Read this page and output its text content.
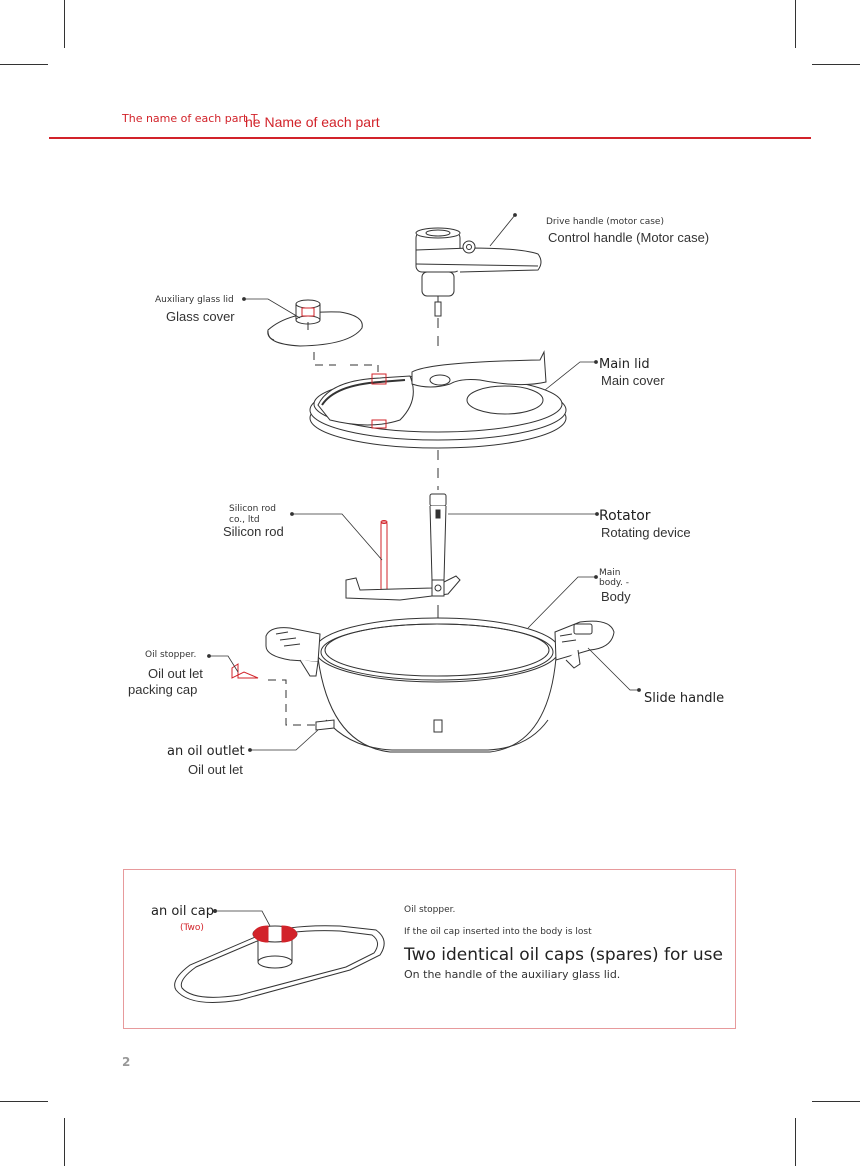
The name of each part T
he Name of each part
Drive handle (motor case)
Control handle (Motor case)
Auxiliary glass lid
Glass cover
Main lid
Main cover
Silicon rod
co., ltd
Silicon rod
Rotator
Rotating device
Main
body. -
Body
Oil stopper.
Oil out let
packing cap
Slide handle
an oil outlet
Oil out let
an oil cap
(Two)
Oil stopper.
If the oil cap inserted into the body is lost
Two identical oil caps (spares) for use
On the handle of the auxiliary glass lid.
2
